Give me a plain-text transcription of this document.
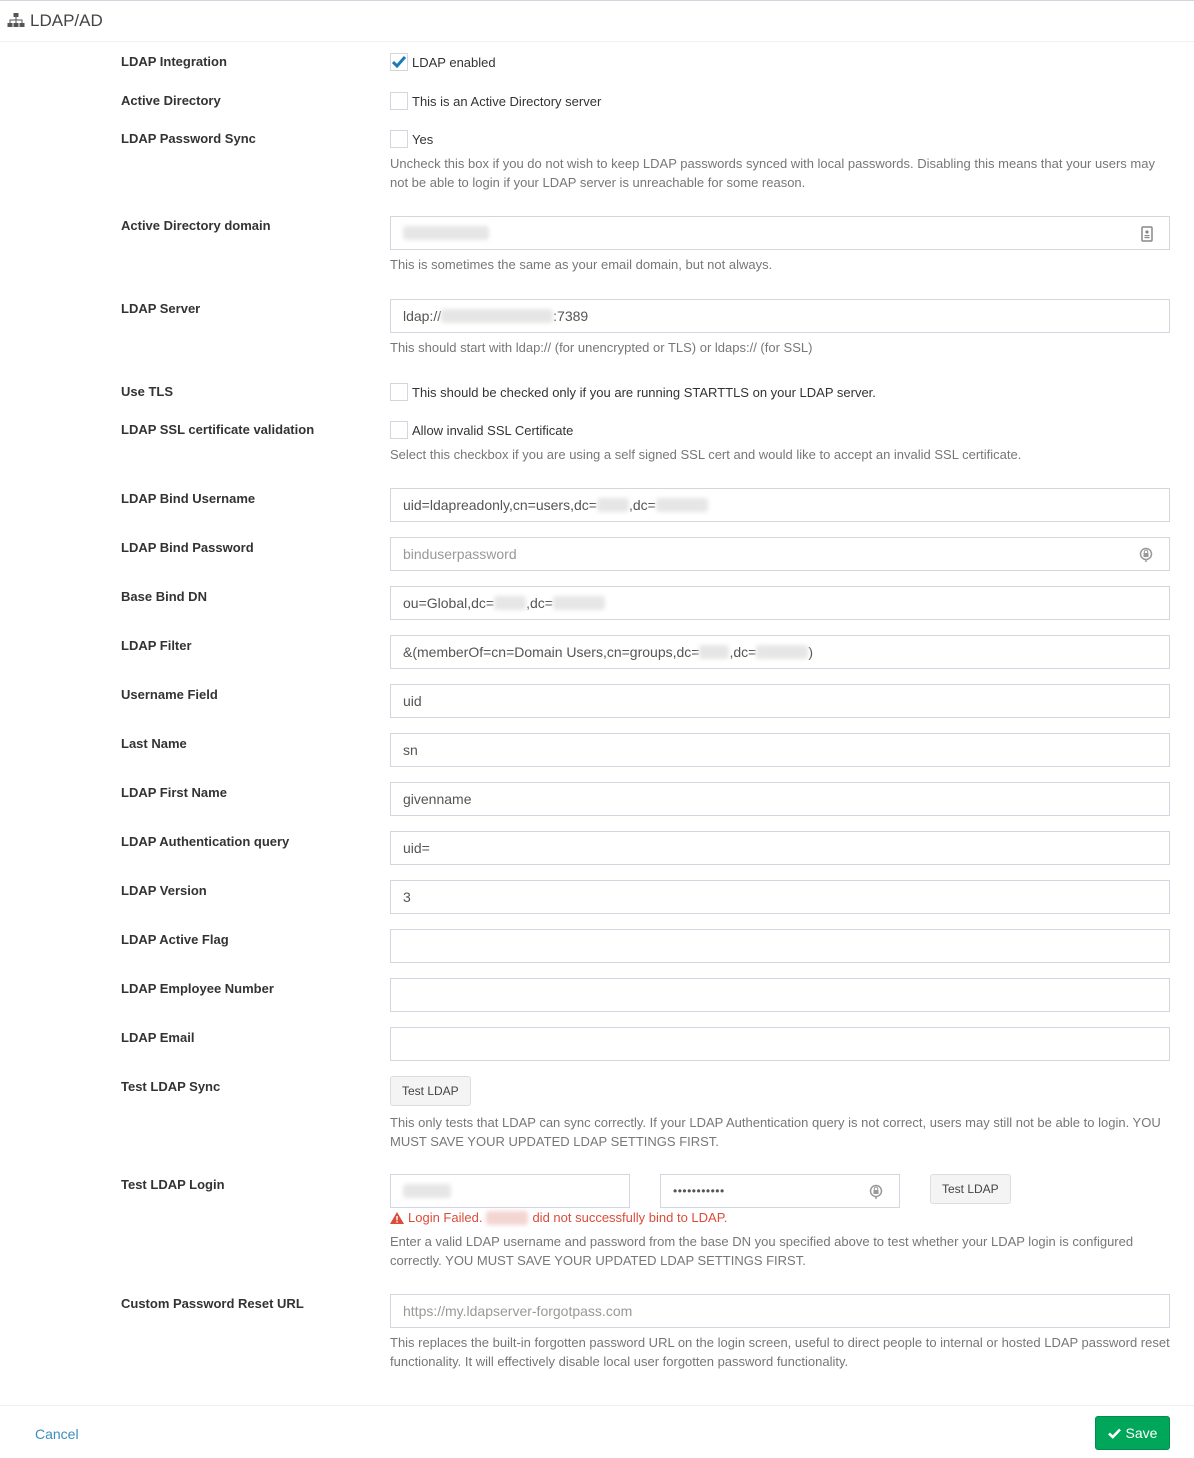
LDAP/AD
LDAP Integration	LDAP enabled
Active Directory	This is an Active Directory server
LDAP Password Sync	Yes
Uncheck this box if you do not wish to keep LDAP passwords synced with local passwords. Disabling this means that your users may not be able to login if your LDAP server is unreachable for some reason.
Active Directory domain
This is sometimes the same as your email domain, but not always.
LDAP Server	ldap://	:7389
This should start with ldap:// (for unencrypted or TLS) or ldaps:// (for SSL)
Use TLS	This should be checked only if you are running STARTTLS on your LDAP server.
LDAP SSL certificate validation	Allow invalid SSL Certificate
Select this checkbox if you are using a self signed SSL cert and would like to accept an invalid SSL certificate.
LDAP Bind Username	uid=ldapreadonly,cn=users,dc= ,dc=
LDAP Bind Password	binduserpassword
Base Bind DN	ou=Global,dc= ,dc=
LDAP Filter	&(memberOf=cn=Domain Users,cn=groups,dc= ,dc=	)
Username Field	uid
Last Name	sn
LDAP First Name	givenname
LDAP Authentication query	uid=
LDAP Version	3
LDAP Active Flag
LDAP Employee Number
LDAP Email
Test LDAP Sync	Test LDAP
This only tests that LDAP can sync correctly. If your LDAP Authentication query is not correct, users may still not be able to login. YOU MUST SAVE YOUR UPDATED LDAP SETTINGS FIRST.
Test LDAP Login	•••••••••••	Test LDAP
Login Failed.	did not successfully bind to LDAP.
Enter a valid LDAP username and password from the base DN you specified above to test whether your LDAP login is configured correctly. YOU MUST SAVE YOUR UPDATED LDAP SETTINGS FIRST.
Custom Password Reset URL	https://my.ldapserver-forgotpass.com
This replaces the built-in forgotten password URL on the login screen, useful to direct people to internal or hosted LDAP password reset functionality. It will effectively disable local user forgotten password functionality.
Cancel	Save
